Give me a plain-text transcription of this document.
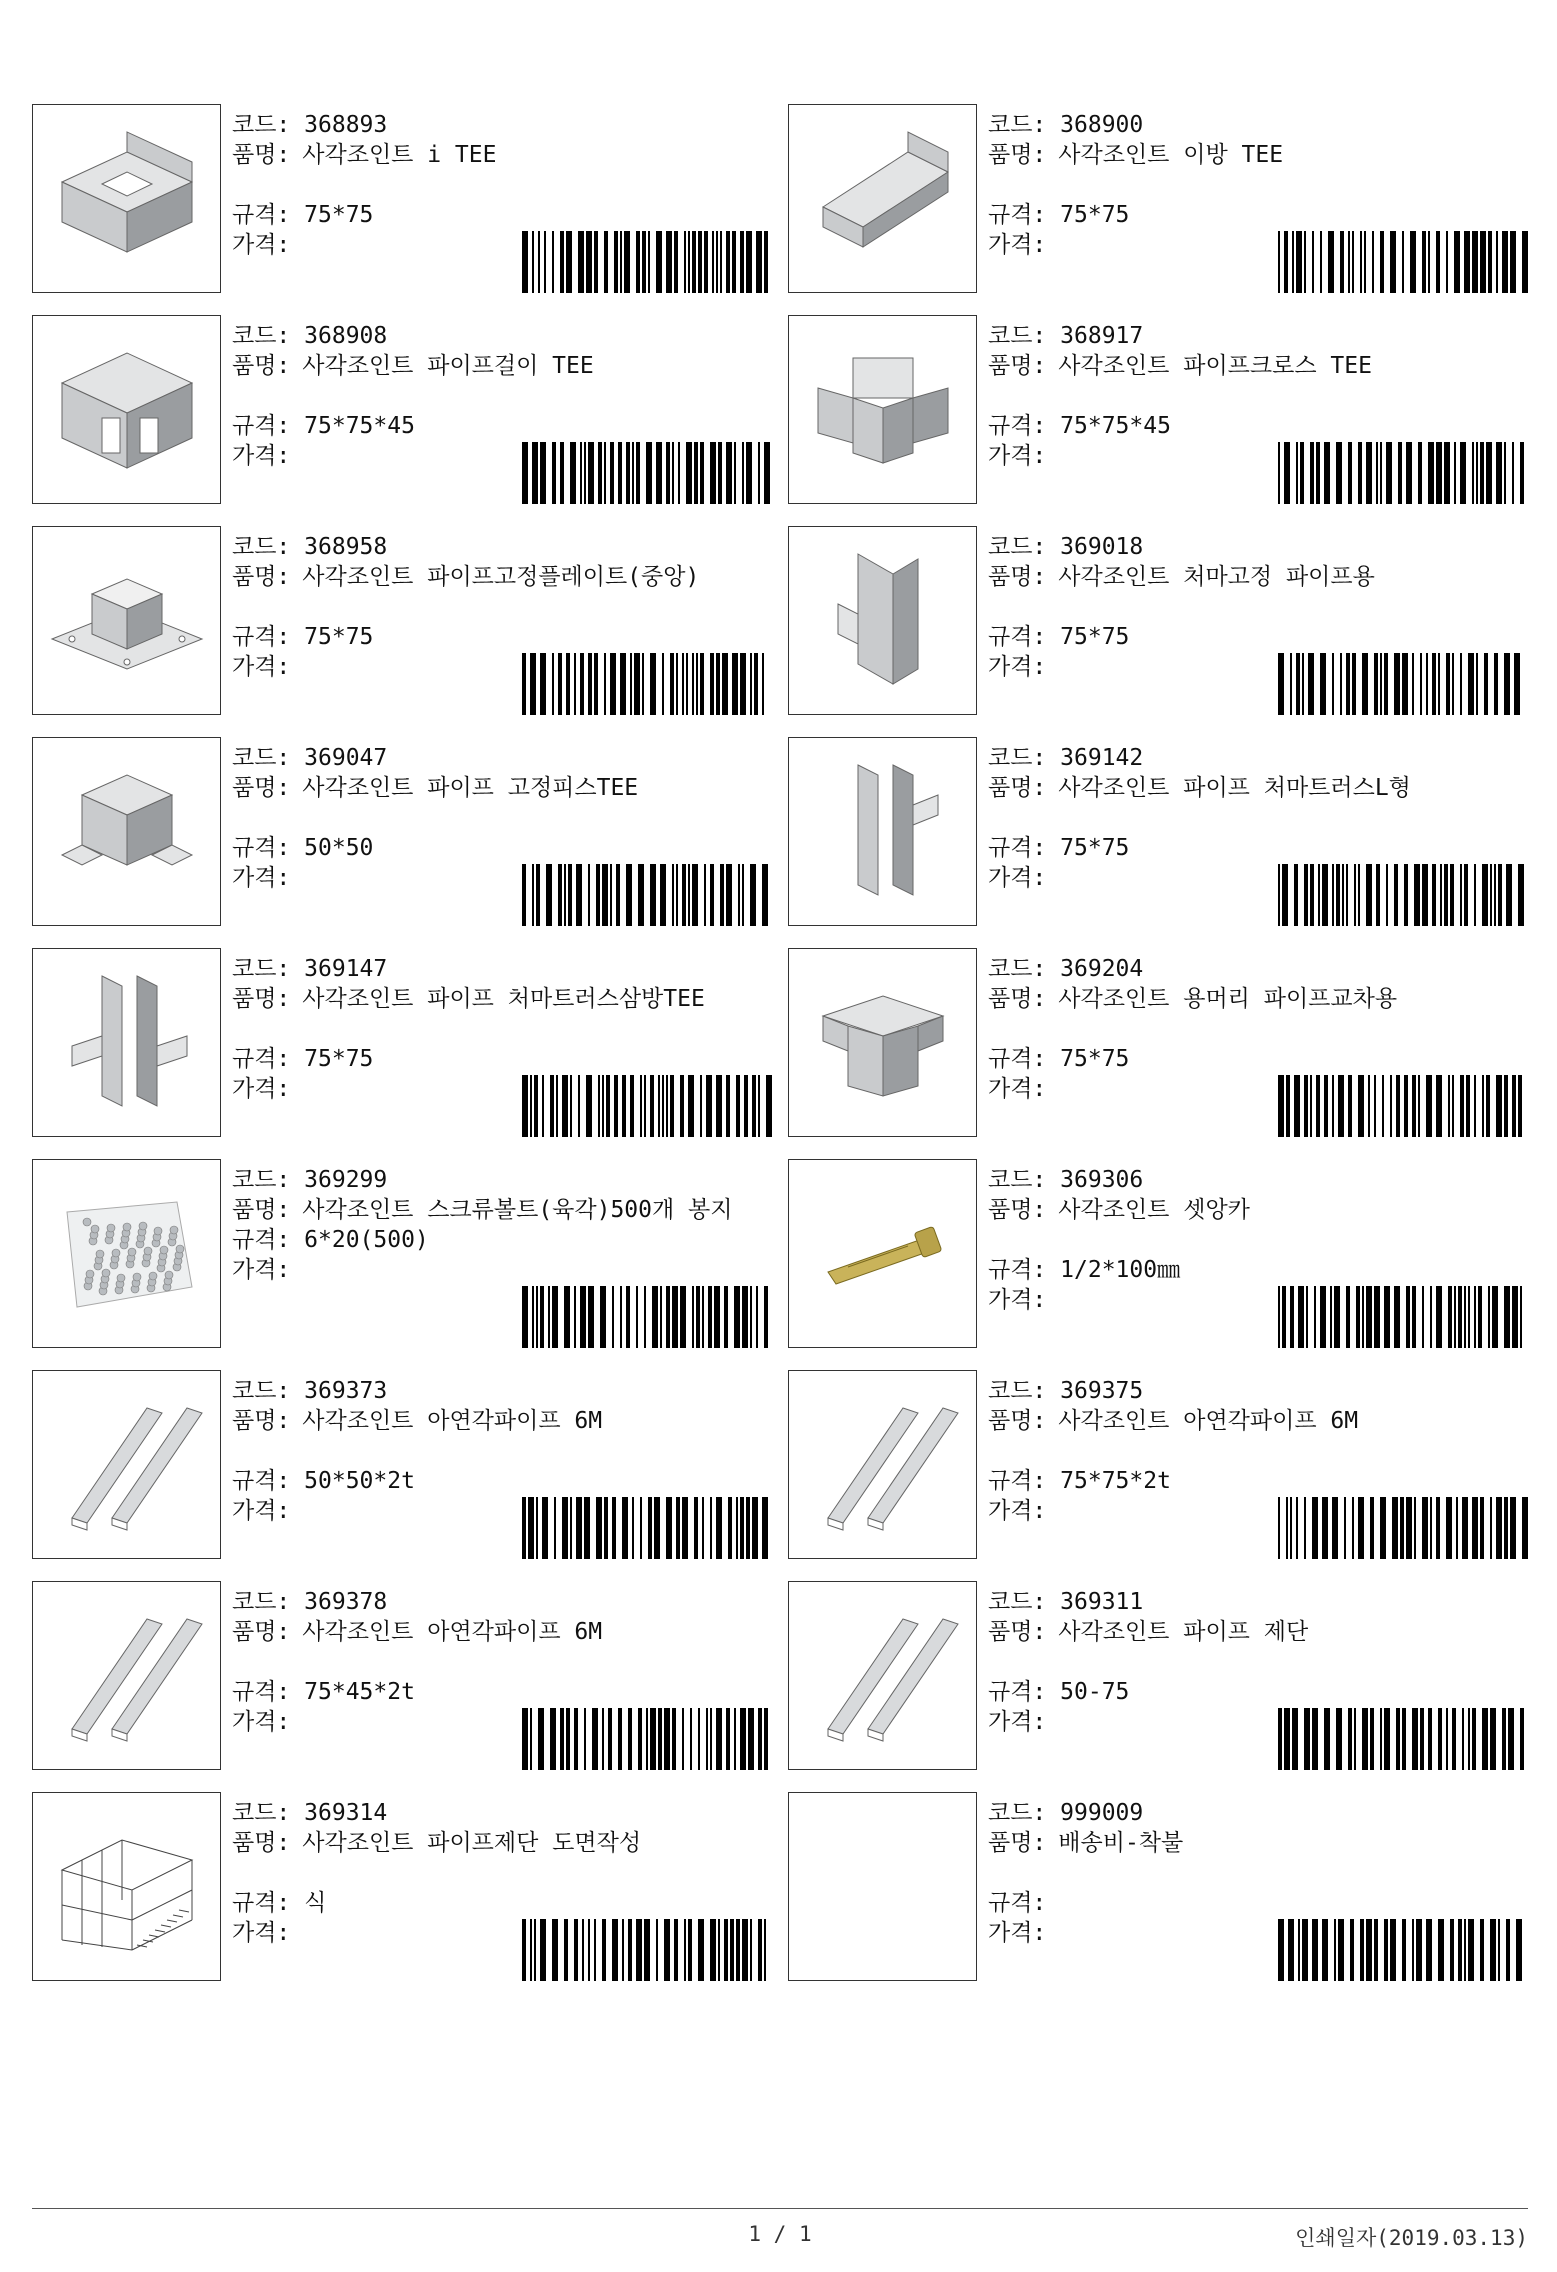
코드: 368893
품명: 사각조인트 i TEE
규격: 75*75
가격:
코드: 368900
품명: 사각조인트 이방 TEE
규격: 75*75
가격:
코드: 368908
품명: 사각조인트 파이프걸이 TEE
규격: 75*75*45
가격:
코드: 368917
품명: 사각조인트 파이프크로스 TEE
규격: 75*75*45
가격:
코드: 368958
품명: 사각조인트 파이프고정플레이트(중앙)
규격: 75*75
가격:
코드: 369018
품명: 사각조인트 처마고정 파이프용
규격: 75*75
가격:
코드: 369047
품명: 사각조인트 파이프 고정피스TEE
규격: 50*50
가격:
코드: 369142
품명: 사각조인트 파이프 처마트러스L형
규격: 75*75
가격:
코드: 369147
품명: 사각조인트 파이프 처마트러스삼방TEE
규격: 75*75
가격:
코드: 369204
품명: 사각조인트 용머리 파이프교차용
규격: 75*75
가격:
코드: 369299
품명: 사각조인트 스크류볼트(육각)500개 봉지
규격: 6*20(500)
가격:
코드: 369306
품명: 사각조인트 셋앙카
규격: 1/2*100㎜
가격:
코드: 369373
품명: 사각조인트 아연각파이프 6M
규격: 50*50*2t
가격:
코드: 369375
품명: 사각조인트 아연각파이프 6M
규격: 75*75*2t
가격:
코드: 369378
품명: 사각조인트 아연각파이프 6M
규격: 75*45*2t
가격:
코드: 369311
품명: 사각조인트 파이프 제단
규격: 50-75
가격:
코드: 369314
품명: 사각조인트 파이프제단 도면작성
규격: 식
가격:
코드: 999009
품명: 배송비-착불
규격:
가격:
1 / 1	인쇄일자(2019.03.13)
